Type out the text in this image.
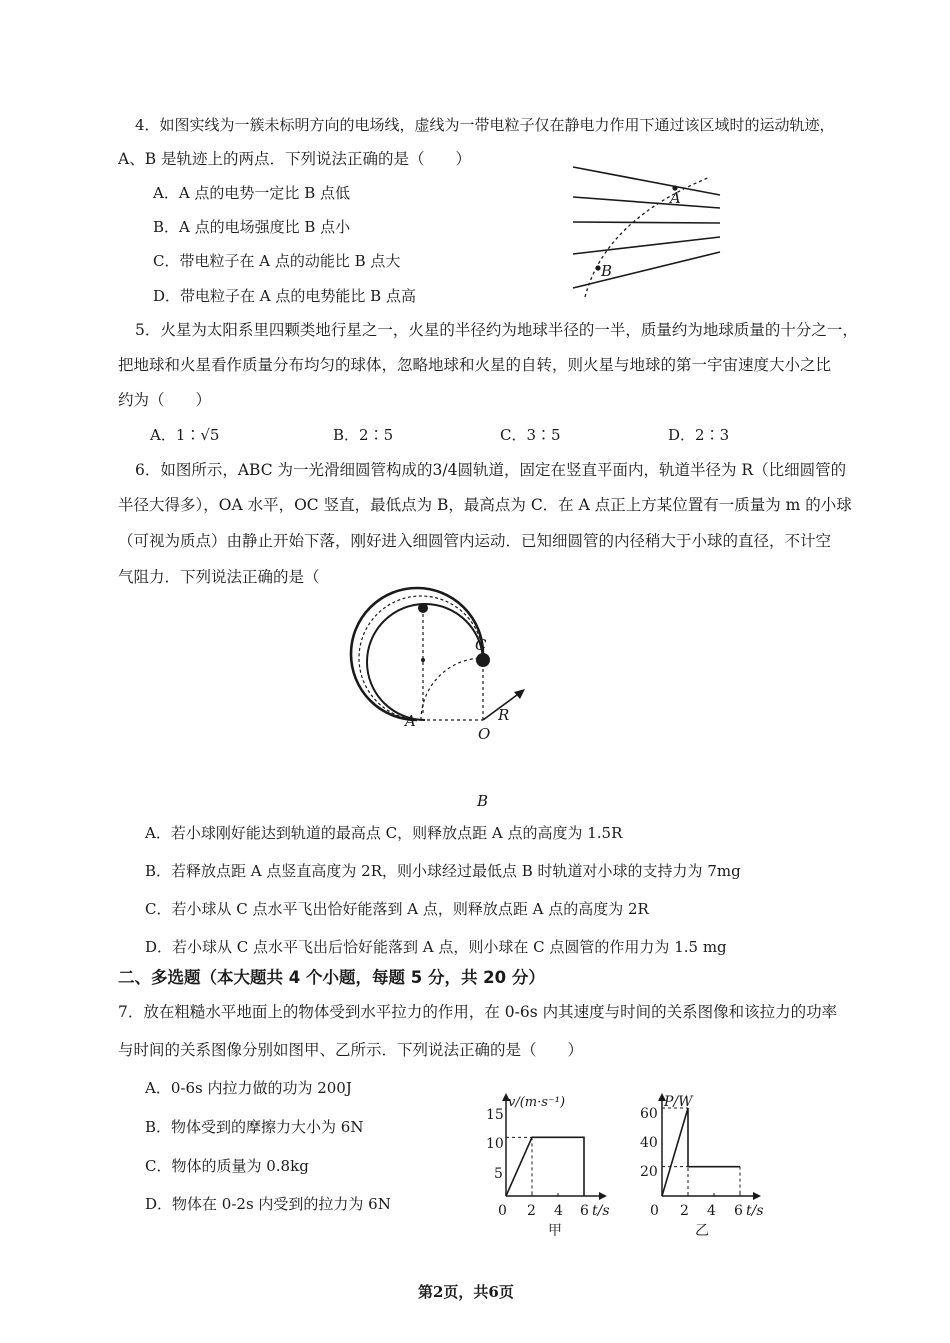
4．如图实线为一簇未标明方向的电场线，虚线为一带电粒子仅在静电力作用下通过该区域时的运动轨迹，
A、B 是轨迹上的两点．下列说法正确的是（　　）
A．A 点的电势一定比 B 点低
B．A 点的电场强度比 B 点小
C．带电粒子在 A 点的动能比 B 点大
D．带电粒子在 A 点的电势能比 B 点高
A
B
5．火星为太阳系里四颗类地行星之一，火星的半径约为地球半径的一半，质量约为地球质量的十分之一，
把地球和火星看作质量分布均匀的球体，忽略地球和火星的自转，则火星与地球的第一宇宙速度大小之比
约为（　　）
A．1∶√5	B．2∶5	C．3∶5	D．2∶3
6．如图所示，ABC 为一光滑细圆管构成的3/4圆轨道，固定在竖直平面内，轨道半径为 R（比细圆管的
半径大得多），OA 水平，OC 竖直，最低点为 B，最高点为 C．在 A 点正上方某位置有一质量为 m 的小球
（可视为质点）由静止开始下落，刚好进入细圆管内运动．已知细圆管的内径稍大于小球的直径，不计空
气阻力．下列说法正确的是（
C
A
O
R
B
A．若小球刚好能达到轨道的最高点 C，则释放点距 A 点的高度为 1.5R
B．若释放点距 A 点竖直高度为 2R，则小球经过最低点 B 时轨道对小球的支持力为 7mg
C．若小球从 C 点水平飞出恰好能落到 A 点，则释放点距 A 点的高度为 2R
D．若小球从 C 点水平飞出后恰好能落到 A 点，则小球在 C 点圆管的作用力为 1.5 mg
二、多选题（本大题共 4 个小题，每题 5 分，共 20 分）
7．放在粗糙水平地面上的物体受到水平拉力的作用，在 0-6s 内其速度与时间的关系图像和该拉力的功率
与时间的关系图像分别如图甲、乙所示．下列说法正确的是（　　）
A．0-6s 内拉力做的功为 200J
B．物体受到的摩擦力大小为 6N
C．物体的质量为 0.8kg
D．物体在 0-2s 内受到的拉力为 6N
v/(m·s⁻¹)
t/s
0 2 4 6
5
10
15
甲
P/W
t/s
0 2 4 6
20
40
60
乙
第2页，共6页
